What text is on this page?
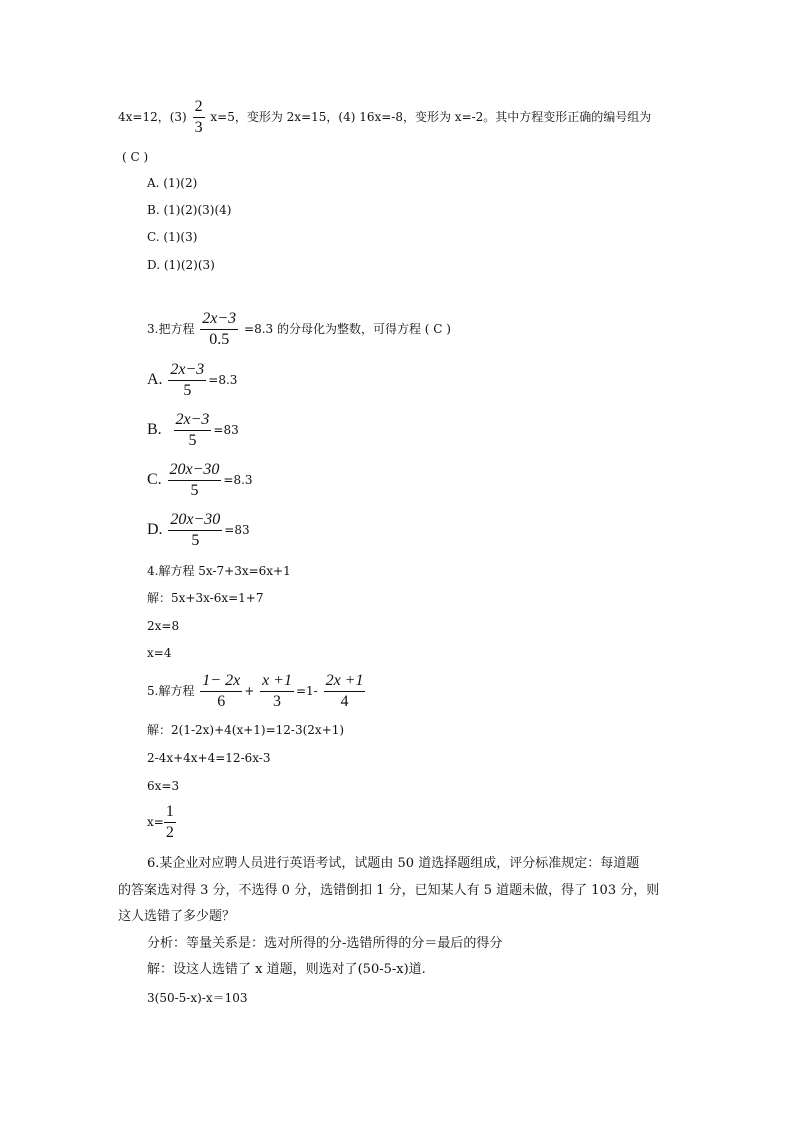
4x=12，$(3) \frac{2}{3} x=5$，变形为 2x=15，(4) 16x=-8，变形为 x=-2。其中方程变形正确的编号组为
( C )
A. (1)(2)
B. (1)(2)(3)(4)
C. (1)(3)
D. (1)(2)(3)
3.把方程 $\frac{2x-3}{0.5} =8.3$ 的分母化为整数，可得方程 ( C )
A. $\frac{2x-3}{5} =8.3$
B. $\frac{2x-3}{5} =83$
C. $\frac{20x-30}{5} =8.3$
D. $\frac{20x-30}{5} =83$
4.解方程 5x-7+3x=6x+1
解：5x+3x-6x=1+7
2x=8
x=4
5.解方程 $\frac{1- 2x}{6} + \frac{x +1}{3} =1- \frac{2x +1}{4}$
解：2(1-2x)+4(x+1)=12-3(2x+1)
2-4x+4x+4=12-6x-3
6x=3
$x= \frac{1}{2}$
6.某企业对应聘人员进行英语考试，试题由 50 道选择题组成，评分标准规定：每道题
的答案选对得 3 分，不选得 0 分，选错倒扣 1 分，已知某人有 5 道题未做，得了 103 分，则
这人选错了多少题？
分析：等量关系是：选对所得的分-选错所得的分＝最后的得分
解：设这人选错了 x 道题，则选对了(50-5-x)道.
3(50-5-x)-x＝103
